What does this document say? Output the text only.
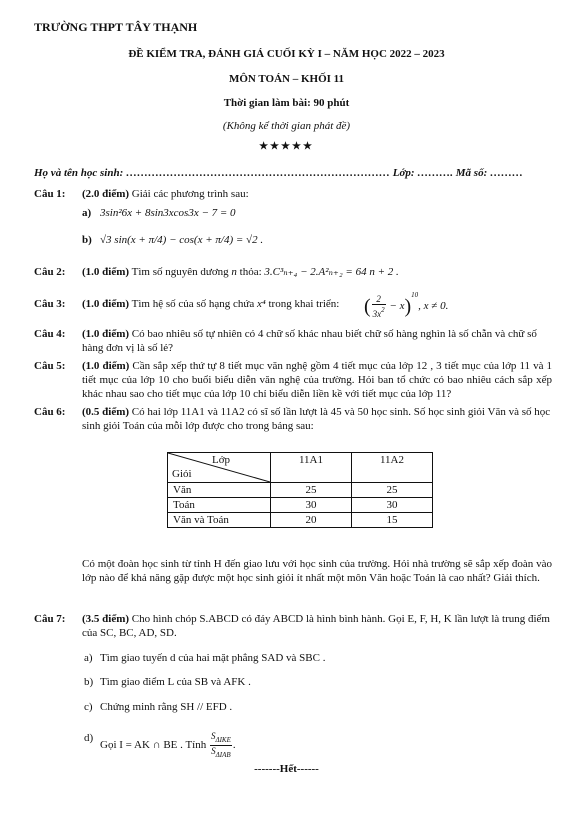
TRƯỜNG THPT TÂY THẠNH
ĐỀ KIỂM TRA, ĐÁNH GIÁ CUỐI KỲ I – NĂM HỌC 2022 – 2023
MÔN TOÁN – KHỐI 11
Thời gian làm bài: 90 phút
(Không kể thời gian phát đề)
★★★★★
Họ và tên học sinh: ……………………………………………………………… Lớp: ………. Mã số: ………
Câu 1: (2.0 điểm) Giải các phương trình sau:
a) 3sin²6x + 8sin3xcos3x − 7 = 0
b) √3 sin(x + π/4) − cos(x + π/4) = √2 .
Câu 2: (1.0 điểm) Tìm số nguyên dương n thỏa: 3.C³ₙ₊₄ − 2.A²ₙ₊₂ = 64 n + 2 .
Câu 3: (1.0 điểm) Tìm hệ số của số hạng chứa x⁴ trong khai triển:	( $\frac{2}{3x^2} - x)^{10}$, x ≠ 0.
Câu 4: (1.0 điểm) Có bao nhiêu số tự nhiên có 4 chữ số khác nhau biết chữ số hàng nghìn là số chẵn và chữ số hàng đơn vị là số lẻ?
Câu 5: (1.0 điểm) Cần sắp xếp thứ tự 8 tiết mục văn nghệ gồm 4 tiết mục của lớp 12 , 3 tiết mục của lớp 11 và 1 tiết mục của lớp 10 cho buổi biểu diễn văn nghệ của trường. Hỏi ban tổ chức có bao nhiêu cách sắp xếp khác nhau sao cho tiết mục của lớp 10 chỉ biểu diễn liền kề với tiết mục của lớp 11?
Câu 6: (0.5 điểm) Có hai lớp 11A1 và 11A2 có sĩ số lần lượt là 45 và 50 học sinh. Số học sinh giỏi Văn và số học sinh giỏi Toán của mỗi lớp được cho trong bảng sau:
Lớp
Giỏi	11A1	11A2
Văn	25	25
Toán	30	30
Văn và Toán	20	15
Có một đoàn học sinh từ tỉnh H đến giao lưu với học sinh của trường. Hỏi nhà trường sẽ sắp xếp đoàn vào lớp nào để khả năng gặp được một học sinh giỏi ít nhất một môn Văn hoặc Toán là cao nhất? Giải thích.
Câu 7: (3.5 điểm) Cho hình chóp S.ABCD có đáy ABCD là hình bình hành. Gọi E, F, H, K lần lượt là trung điểm của SC, BC, AD, SD.
a) Tìm giao tuyến d của hai mặt phẳng SAD và SBC .
b) Tìm giao điểm L của SB và AFK .
c) Chứng minh rằng SH // EFD .
d)
Gọi I = AK ∩ BE . Tính $\frac{S_{\Delta IKE}}{S_{\Delta IAB}}$ .
-------Hết------
